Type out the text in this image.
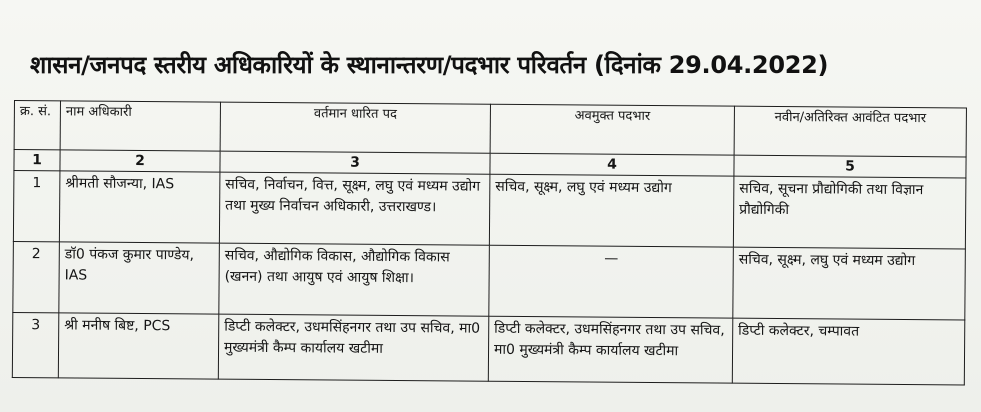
शासन/जनपद स्तरीय अधिकारियों के स्थानान्तरण/पदभार परिवर्तन (दिनांक 29.04.2022)
क्र. सं.	नाम अधिकारी	वर्तमान धारित पद	अवमुक्त पदभार	नवीन/अतिरिक्त आवंटित पदभार
1	2	3	4	5
1	श्रीमती सौजन्या, IAS	सचिव, निर्वाचन, वित्त, सूक्ष्म, लघु एवं मध्यम उद्योग तथा मुख्य निर्वाचन अधिकारी, उत्तराखण्ड।	सचिव, सूक्ष्म, लघु एवं मध्यम उद्योग	सचिव, सूचना प्रौद्योगिकी तथा विज्ञान प्रौद्योगिकी
2	डॉ0 पंकज कुमार पाण्डेय, IAS	सचिव, औद्योगिक विकास, औद्योगिक विकास (खनन) तथा आयुष एवं आयुष शिक्षा।	—	सचिव, सूक्ष्म, लघु एवं मध्यम उद्योग
3	श्री मनीष बिष्ट, PCS	डिप्टी कलेक्टर, उधमसिंहनगर तथा उप सचिव, मा0 मुख्यमंत्री कैम्प कार्यालय खटीमा	डिप्टी कलेक्टर, उधमसिंहनगर तथा उप सचिव, मा0 मुख्यमंत्री कैम्प कार्यालय खटीमा	डिप्टी कलेक्टर, चम्पावत
